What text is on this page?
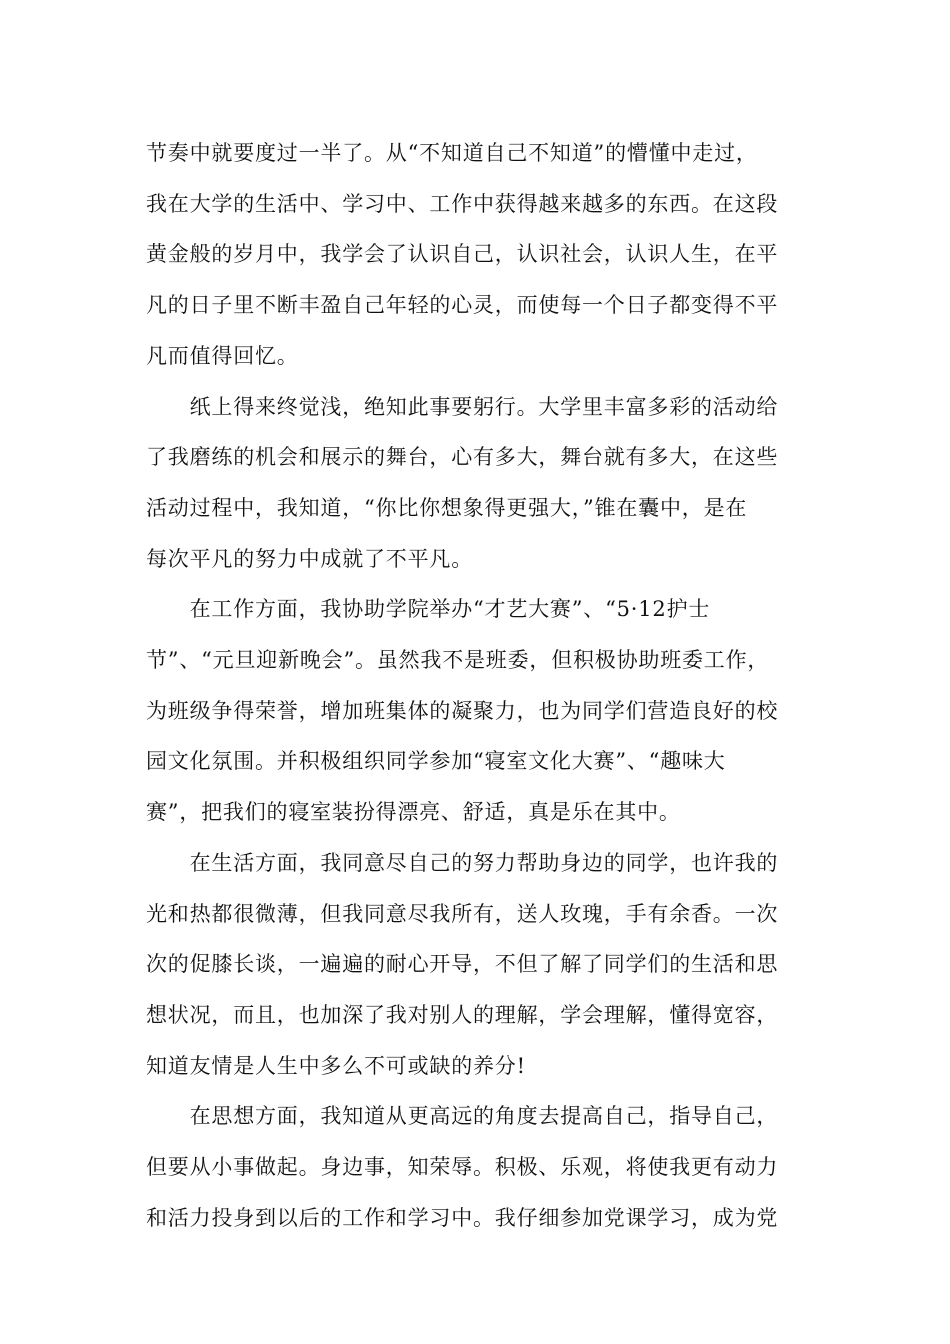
节奏中就要度过一半了。从“不知道自己不知道”的懵懂中走过，
我在大学的生活中、学习中、工作中获得越来越多的东西。在这段
黄金般的岁月中，我学会了认识自己，认识社会，认识人生，在平
凡的日子里不断丰盈自己年轻的心灵，而使每一个日子都变得不平
凡而值得回忆。

　　纸上得来终觉浅，绝知此事要躬行。大学里丰富多彩的活动给
了我磨练的机会和展示的舞台，心有多大，舞台就有多大，在这些
活动过程中，我知道，“你比你想象得更强大，”锥在囊中，是在
每次平凡的努力中成就了不平凡。

　　在工作方面，我协助学院举办“才艺大赛”、“5·12护士
节”、“元旦迎新晚会”。虽然我不是班委，但积极协助班委工作，
为班级争得荣誉，增加班集体的凝聚力，也为同学们营造良好的校
园文化氛围。并积极组织同学参加“寝室文化大赛”、“趣味大
赛”，把我们的寝室装扮得漂亮、舒适，真是乐在其中。

　　在生活方面，我同意尽自己的努力帮助身边的同学，也许我的
光和热都很微薄，但我同意尽我所有，送人玫瑰，手有余香。一次
次的促膝长谈，一遍遍的耐心开导，不但了解了同学们的生活和思
想状况，而且，也加深了我对别人的理解，学会理解，懂得宽容，
知道友情是人生中多么不可或缺的养分!

　　在思想方面，我知道从更高远的角度去提高自己，指导自己，
但要从小事做起。身边事，知荣辱。积极、乐观，将使我更有动力
和活力投身到以后的工作和学习中。我仔细参加党课学习，成为党
